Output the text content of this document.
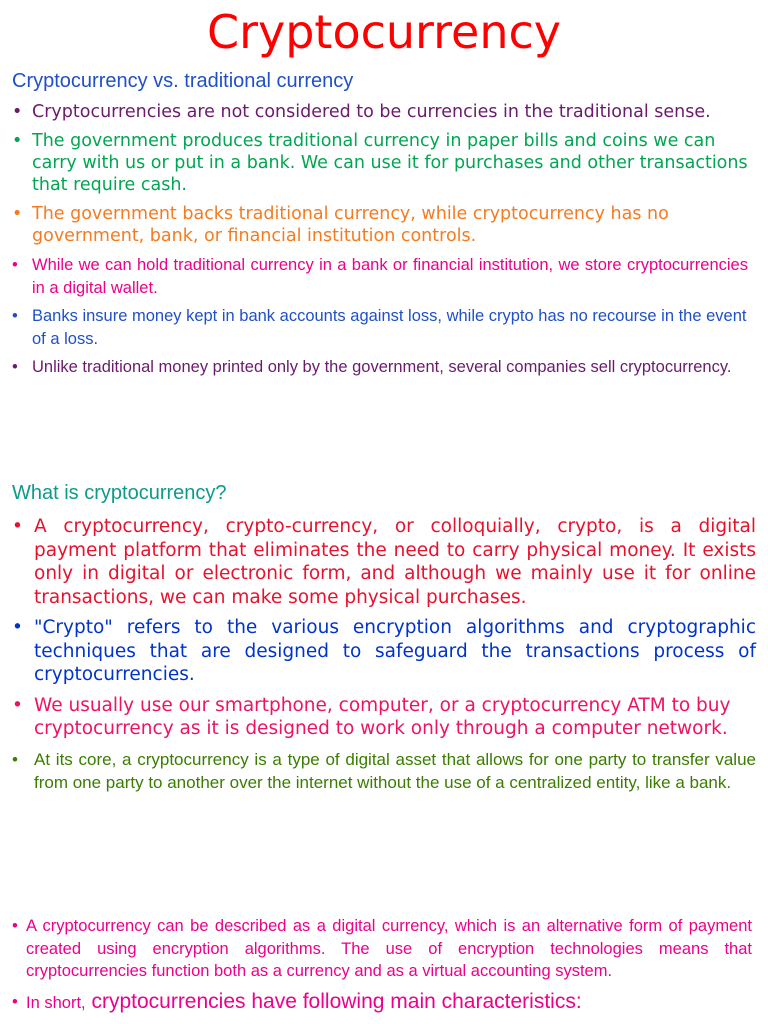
Cryptocurrency
Cryptocurrency vs. traditional currency
• Cryptocurrencies are not considered to be currencies in the traditional sense.
• The government produces traditional currency in paper bills and coins we can carry with us or put in a bank. We can use it for purchases and other transactions that require cash.
• The government backs traditional currency, while cryptocurrency has no government, bank, or financial institution controls.
• While we can hold traditional currency in a bank or financial institution, we store cryptocurrencies in a digital wallet.
• Banks insure money kept in bank accounts against loss, while crypto has no recourse in the event of a loss.
• Unlike traditional money printed only by the government, several companies sell cryptocurrency.
What is cryptocurrency?
• A cryptocurrency, crypto-currency, or colloquially, crypto, is a digital payment platform that eliminates the need to carry physical money. It exists only in digital or electronic form, and although we mainly use it for online transactions, we can make some physical purchases.
• "Crypto" refers to the various encryption algorithms and cryptographic techniques that are designed to safeguard the transactions process of cryptocurrencies.
• We usually use our smartphone, computer, or a cryptocurrency ATM to buy cryptocurrency as it is designed to work only through a computer network.
• At its core, a cryptocurrency is a type of digital asset that allows for one party to transfer value from one party to another over the internet without the use of a centralized entity, like a bank.
• A cryptocurrency can be described as a digital currency, which is an alternative form of payment created using encryption algorithms. The use of encryption technologies means that cryptocurrencies function both as a currency and as a virtual accounting system.
• In short, cryptocurrencies have following main characteristics:
